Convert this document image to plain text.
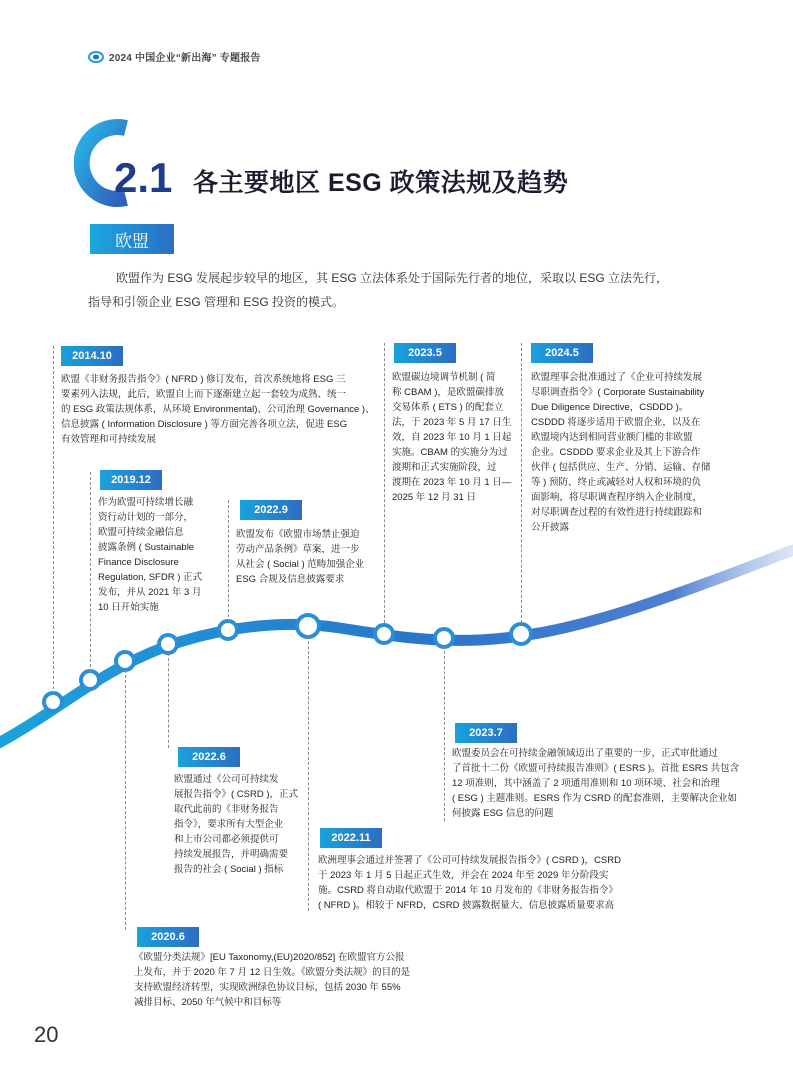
2024 中国企业“新出海” 专题报告
2.1 各主要地区 ESG 政策法规及趋势
欧盟
欧盟作为 ESG 发展起步较早的地区，其 ESG 立法体系处于国际先行者的地位，采取以 ESG 立法先行，
指导和引领企业 ESG 管理和 ESG 投资的模式。
2014.10
欧盟《非财务报告指令》( NFRD ) 修订发布，首次系统地将 ESG 三
要素列入法规，此后，欧盟自上而下逐渐建立起一套较为成熟、统一
的 ESG 政策法规体系，从环境 Environmental)、公司治理 Governance )、
信息披露 ( Information Disclosure ) 等方面完善各项立法，促进 ESG
有效管理和可持续发展
2019.12
作为欧盟可持续增长融
资行动计划的一部分，
欧盟可持续金融信息
披露条例 ( Sustainable
Finance Disclosure
Regulation, SFDR ) 正式
发布，并从 2021 年 3 月
10 日开始实施
2022.9
欧盟发布《欧盟市场禁止强迫
劳动产品条例》草案，进一步
从社会 ( Social ) 范畴加强企业
ESG 合规及信息披露要求
2023.5
欧盟碳边境调节机制 ( 简
称 CBAM )，是欧盟碳排放
交易体系 ( ETS ) 的配套立
法，于 2023 年 5 月 17 日生
效，自 2023 年 10 月 1 日起
实施。CBAM 的实施分为过
渡期和正式实施阶段，过
渡期在 2023 年 10 月 1 日—
2025 年 12 月 31 日
2024.5
欧盟理事会批准通过了《企业可持续发展
尽职调查指令》( Corporate Sustainability
Due Diligence Directive，CSDDD )。
CSDDD 将逐步适用于欧盟企业，以及在
欧盟境内达到相同营业额门槛的非欧盟
企业。CSDDD 要求企业及其上下游合作
伙伴 ( 包括供应、生产、分销、运输、存储
等 ) 预防、终止或减轻对人权和环境的负
面影响，将尽职调查程序纳入企业制度，
对尽职调查过程的有效性进行持续跟踪和
公开披露
2023.7
欧盟委员会在可持续金融领域迈出了重要的一步，正式审批通过
了首批十二份《欧盟可持续报告准则》( ESRS )。首批 ESRS 共包含
12 项准则，其中涵盖了 2 项通用准则和 10 项环境、社会和治理
( ESG ) 主题准则。ESRS 作为 CSRD 的配套准则，主要解决企业如
何披露 ESG 信息的问题
2022.6
欧盟通过《公司可持续发
展报告指令》( CSRD )，正式
取代此前的《非财务报告
指令》，要求所有大型企业
和上市公司都必须提供可
持续发展报告，并明确需要
报告的社会 ( Social ) 指标
2022.11
欧洲理事会通过并签署了《公司可持续发展报告指令》( CSRD )，CSRD
于 2023 年 1 月 5 日起正式生效，并会在 2024 年至 2029 年分阶段实
施。CSRD 将自动取代欧盟于 2014 年 10 月发布的《非财务报告指令》
( NFRD )。相较于 NFRD，CSRD 披露数据量大、信息披露质量要求高
2020.6
《欧盟分类法规》[EU Taxonomy,(EU)2020/852] 在欧盟官方公报
上发布，并于 2020 年 7 月 12 日生效。《欧盟分类法规》的目的是
支持欧盟经济转型，实现欧洲绿色协议目标，包括 2030 年 55%
减排目标、2050 年气候中和目标等
20
